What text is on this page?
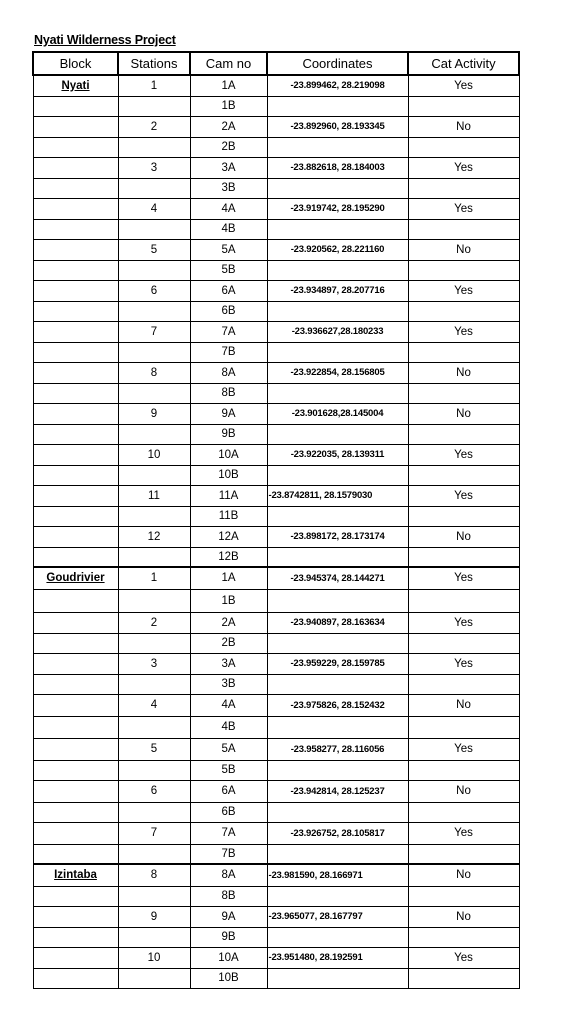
Nyati Wilderness Project
Block	Stations	Cam no	Coordinates	Cat Activity
Nyati	1	1A	-23.899462, 28.219098	Yes
		1B		
	2	2A	-23.892960, 28.193345	No
		2B		
	3	3A	-23.882618, 28.184003	Yes
		3B		
	4	4A	-23.919742, 28.195290	Yes
		4B		
	5	5A	-23.920562, 28.221160	No
		5B		
	6	6A	-23.934897, 28.207716	Yes
		6B		
	7	7A	-23.936627,28.180233	Yes
		7B		
	8	8A	-23.922854, 28.156805	No
		8B		
	9	9A	-23.901628,28.145004	No
		9B		
	10	10A	-23.922035, 28.139311	Yes
		10B		
	11	11A	-23.8742811, 28.1579030	Yes
		11B		
	12	12A	-23.898172, 28.173174	No
		12B		
Goudrivier	1	1A	-23.945374, 28.144271	Yes
		1B		
	2	2A	-23.940897, 28.163634	Yes
		2B		
	3	3A	-23.959229, 28.159785	Yes
		3B		
	4	4A	-23.975826, 28.152432	No
		4B		
	5	5A	-23.958277, 28.116056	Yes
		5B		
	6	6A	-23.942814, 28.125237	No
		6B		
	7	7A	-23.926752, 28.105817	Yes
		7B		
Izintaba	8	8A	-23.981590, 28.166971	No
		8B		
	9	9A	-23.965077, 28.167797	No
		9B		
	10	10A	-23.951480, 28.192591	Yes
		10B		
